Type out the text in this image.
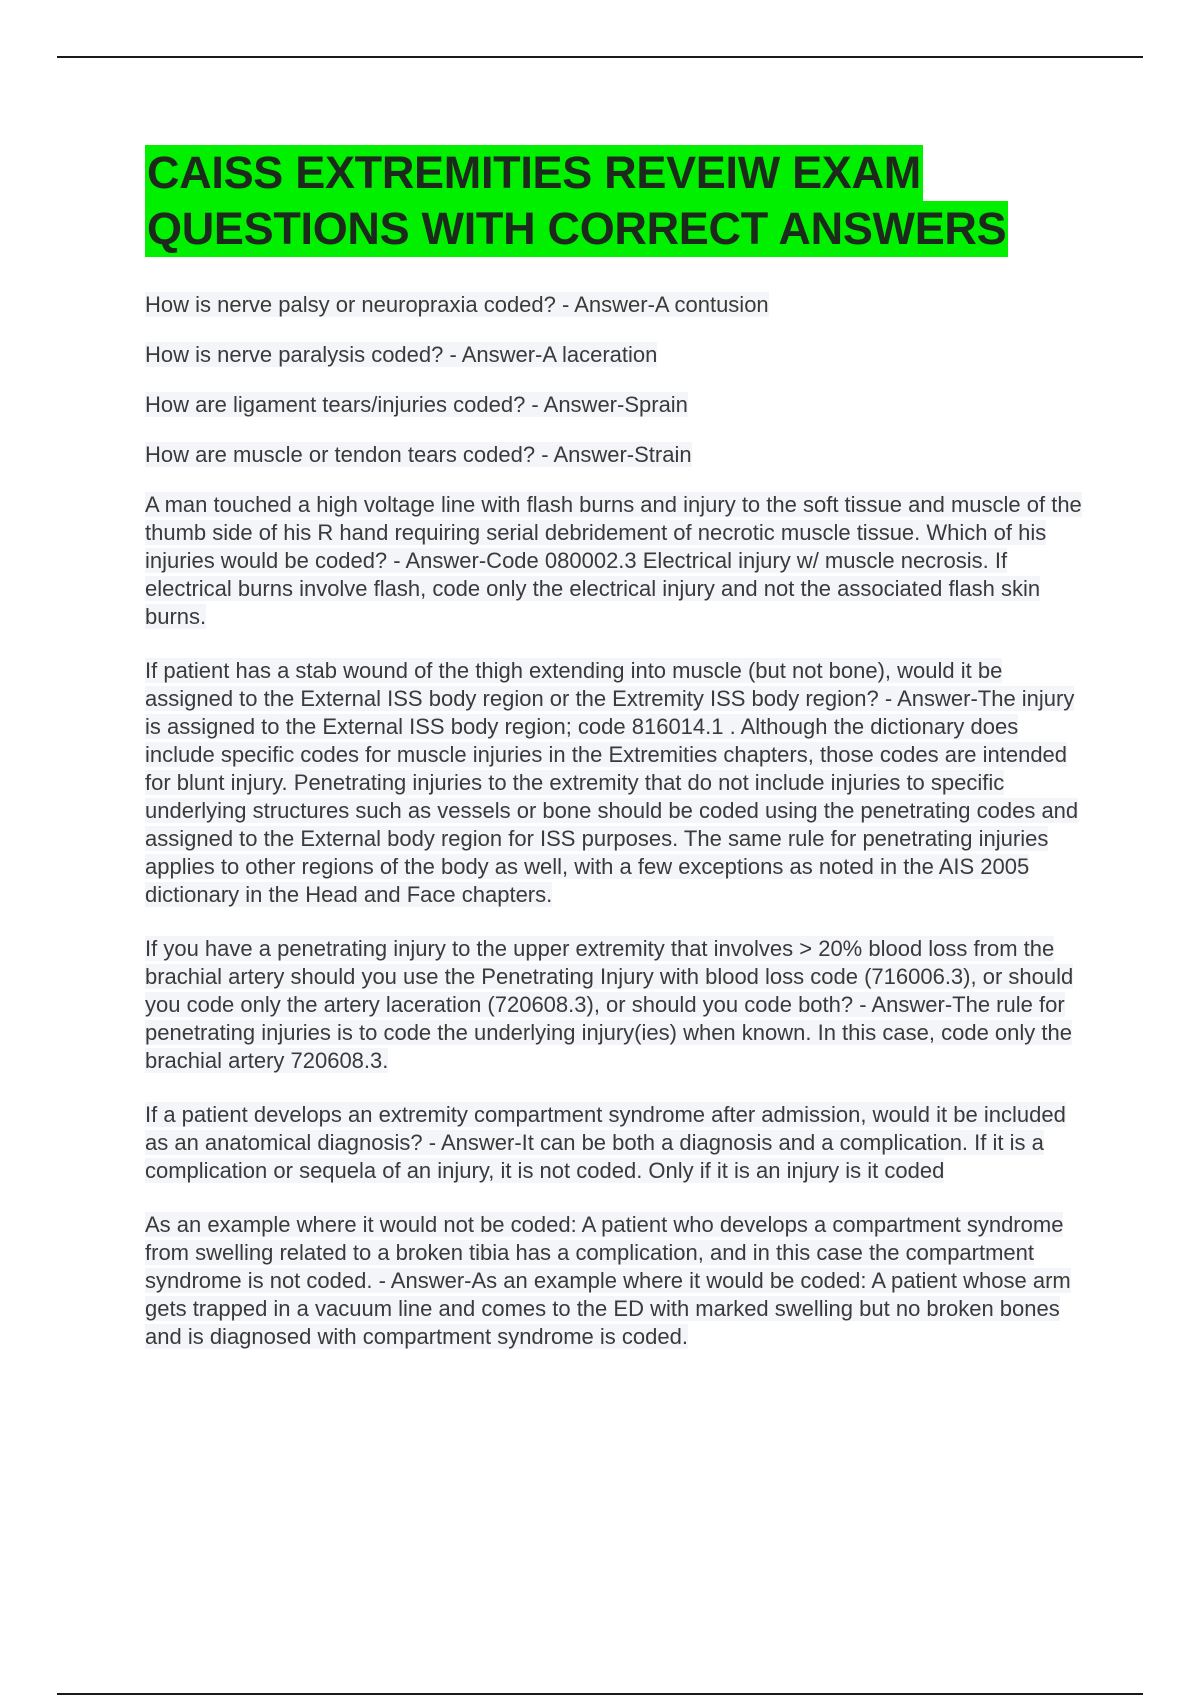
CAISS EXTREMITIES REVEIW EXAM
QUESTIONS WITH CORRECT ANSWERS

How is nerve palsy or neuropraxia coded? - Answer-A contusion

How is nerve paralysis coded? - Answer-A laceration

How are ligament tears/injuries coded? - Answer-Sprain

How are muscle or tendon tears coded? - Answer-Strain

A man touched a high voltage line with flash burns and injury to the soft tissue and muscle of the thumb side of his R hand requiring serial debridement of necrotic muscle tissue. Which of his injuries would be coded? - Answer-Code 080002.3 Electrical injury w/ muscle necrosis. If electrical burns involve flash, code only the electrical injury and not the associated flash skin burns.

If patient has a stab wound of the thigh extending into muscle (but not bone), would it be assigned to the External ISS body region or the Extremity ISS body region? - Answer-The injury is assigned to the External ISS body region; code 816014.1 . Although the dictionary does include specific codes for muscle injuries in the Extremities chapters, those codes are intended for blunt injury. Penetrating injuries to the extremity that do not include injuries to specific underlying structures such as vessels or bone should be coded using the penetrating codes and assigned to the External body region for ISS purposes. The same rule for penetrating injuries applies to other regions of the body as well, with a few exceptions as noted in the AIS 2005 dictionary in the Head and Face chapters.

If you have a penetrating injury to the upper extremity that involves > 20% blood loss from the brachial artery should you use the Penetrating Injury with blood loss code (716006.3), or should you code only the artery laceration (720608.3), or should you code both? - Answer-The rule for penetrating injuries is to code the underlying injury(ies) when known. In this case, code only the brachial artery 720608.3.

If a patient develops an extremity compartment syndrome after admission, would it be included as an anatomical diagnosis? - Answer-It can be both a diagnosis and a complication. If it is a complication or sequela of an injury, it is not coded. Only if it is an injury is it coded

As an example where it would not be coded: A patient who develops a compartment syndrome from swelling related to a broken tibia has a complication, and in this case the compartment syndrome is not coded. - Answer-As an example where it would be coded: A patient whose arm gets trapped in a vacuum line and comes to the ED with marked swelling but no broken bones and is diagnosed with compartment syndrome is coded.
